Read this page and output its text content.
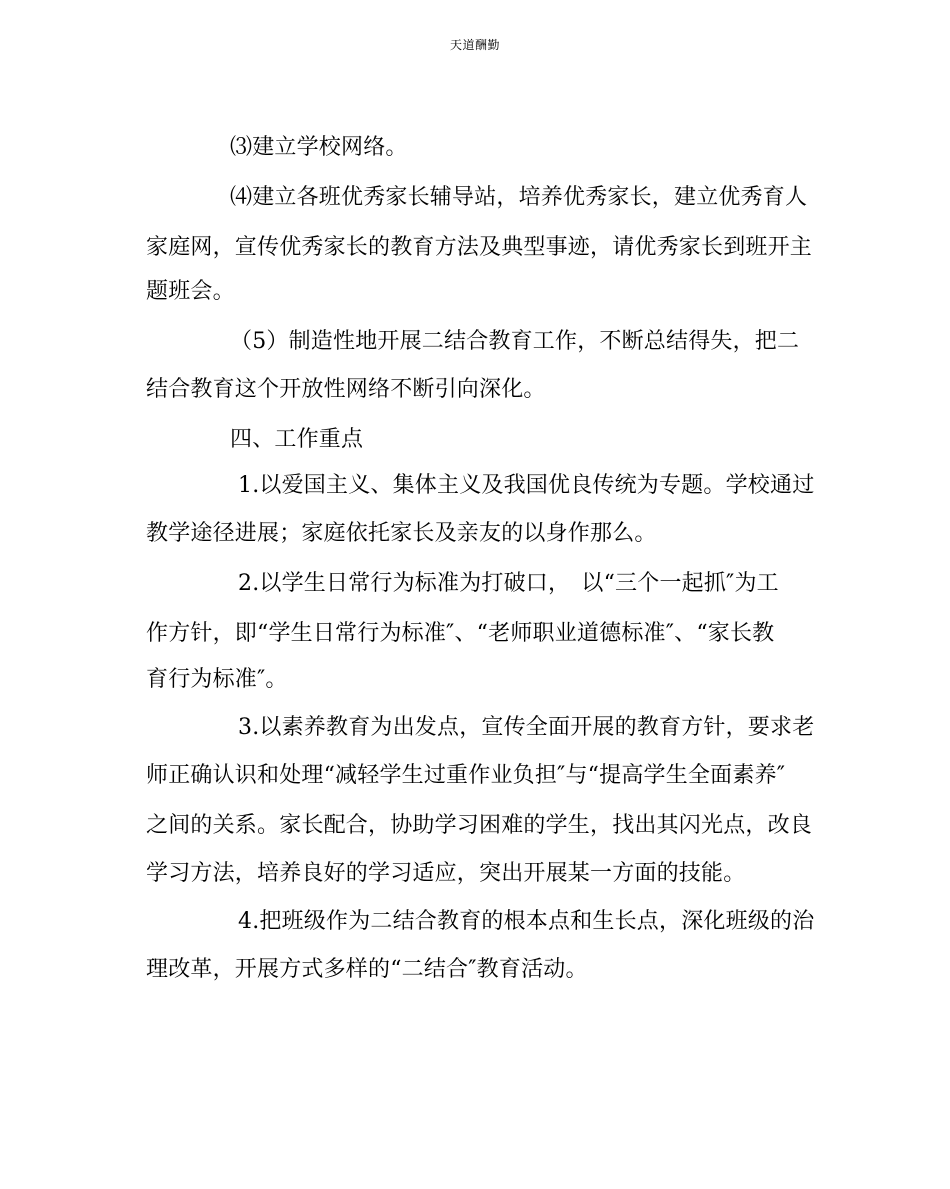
天道酬勤
⑶建立学校网络。
⑷建立各班优秀家长辅导站，培养优秀家长，建立优秀育人
家庭网，宣传优秀家长的教育方法及典型事迹，请优秀家长到班开主
题班会。
（5）制造性地开展二结合教育工作，不断总结得失，把二
结合教育这个开放性网络不断引向深化。
四、工作重点
1.以爱国主义、集体主义及我国优良传统为专题。学校通过
教学途径进展；家庭依托家长及亲友的以身作那么。
2.以学生日常行为标准为打破口，　以“三个一起抓″为工
作方针，即“学生日常行为标准″、“老师职业道德标准″、“家长教
育行为标准″。
3.以素养教育为出发点，宣传全面开展的教育方针，要求老
师正确认识和处理“减轻学生过重作业负担″与“提高学生全面素养″
之间的关系。家长配合，协助学习困难的学生，找出其闪光点，改良
学习方法，培养良好的学习适应，突出开展某一方面的技能。
4.把班级作为二结合教育的根本点和生长点，深化班级的治
理改革，开展方式多样的“二结合″教育活动。
